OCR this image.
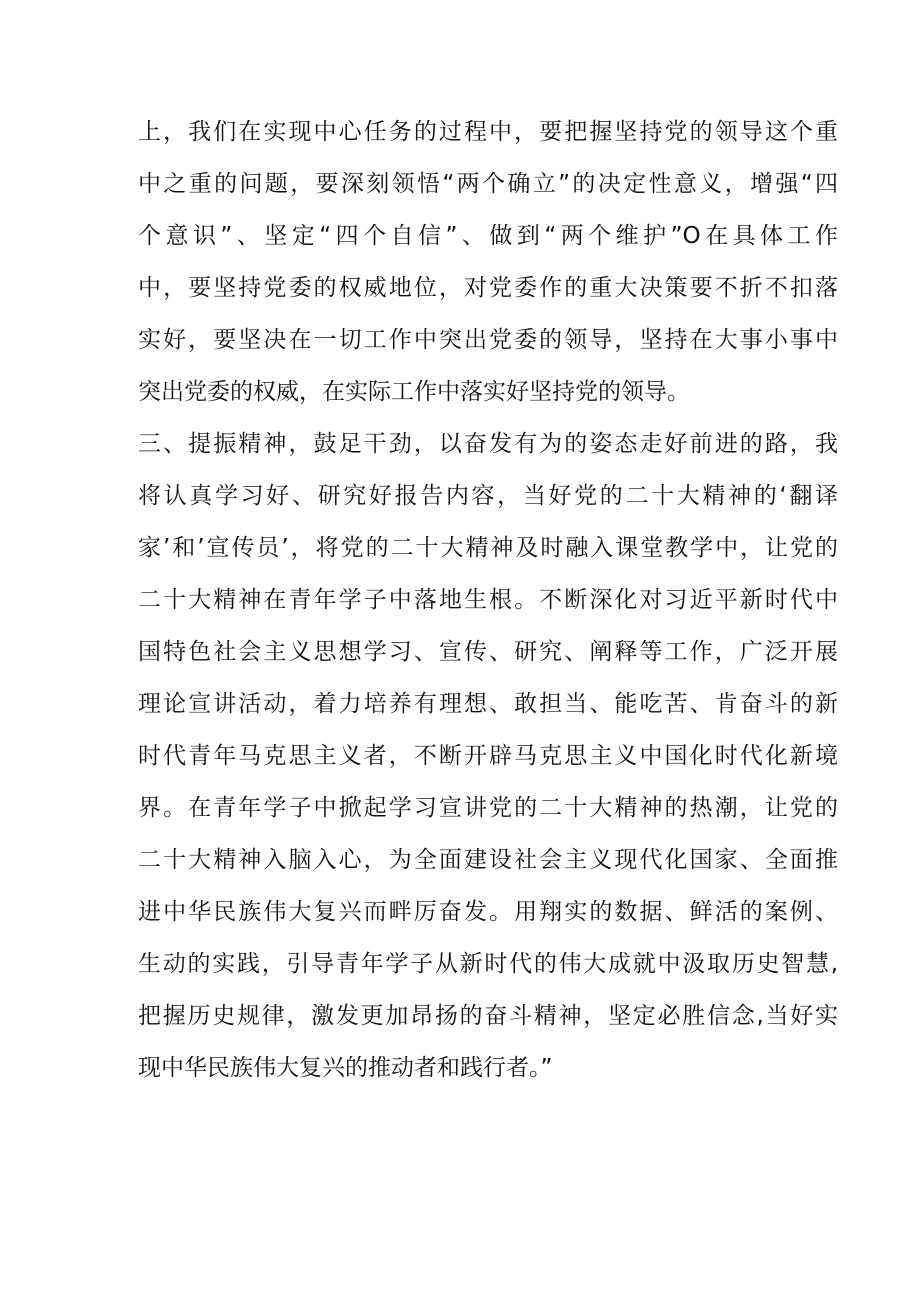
上，我们在实现中心任务的过程中，要把握坚持党的领导这个重
中之重的问题，要深刻领悟“两个确立”的决定性意义，增强“四
个意识”、坚定“四个自信”、做到“两个维护”O在具体工作
中，要坚持党委的权威地位，对党委作的重大决策要不折不扣落
实好，要坚决在一切工作中突出党委的领导，坚持在大事小事中
突出党委的权威，在实际工作中落实好坚持党的领导。
三、提振精神，鼓足干劲，以奋发有为的姿态走好前进的路，我
将认真学习好、研究好报告内容，当好党的二十大精神的‘翻译
家’和’宣传员’，将党的二十大精神及时融入课堂教学中，让党的
二十大精神在青年学子中落地生根。不断深化对习近平新时代中
国特色社会主义思想学习、宣传、研究、阐释等工作，广泛开展
理论宣讲活动，着力培养有理想、敢担当、能吃苦、肯奋斗的新
时代青年马克思主义者，不断开辟马克思主义中国化时代化新境
界。在青年学子中掀起学习宣讲党的二十大精神的热潮，让党的
二十大精神入脑入心，为全面建设社会主义现代化国家、全面推
进中华民族伟大复兴而畔厉奋发。用翔实的数据、鲜活的案例、
生动的实践，引导青年学子从新时代的伟大成就中汲取历史智慧,
把握历史规律，激发更加昂扬的奋斗精神，坚定必胜信念,当好实
现中华民族伟大复兴的推动者和践行者。”
